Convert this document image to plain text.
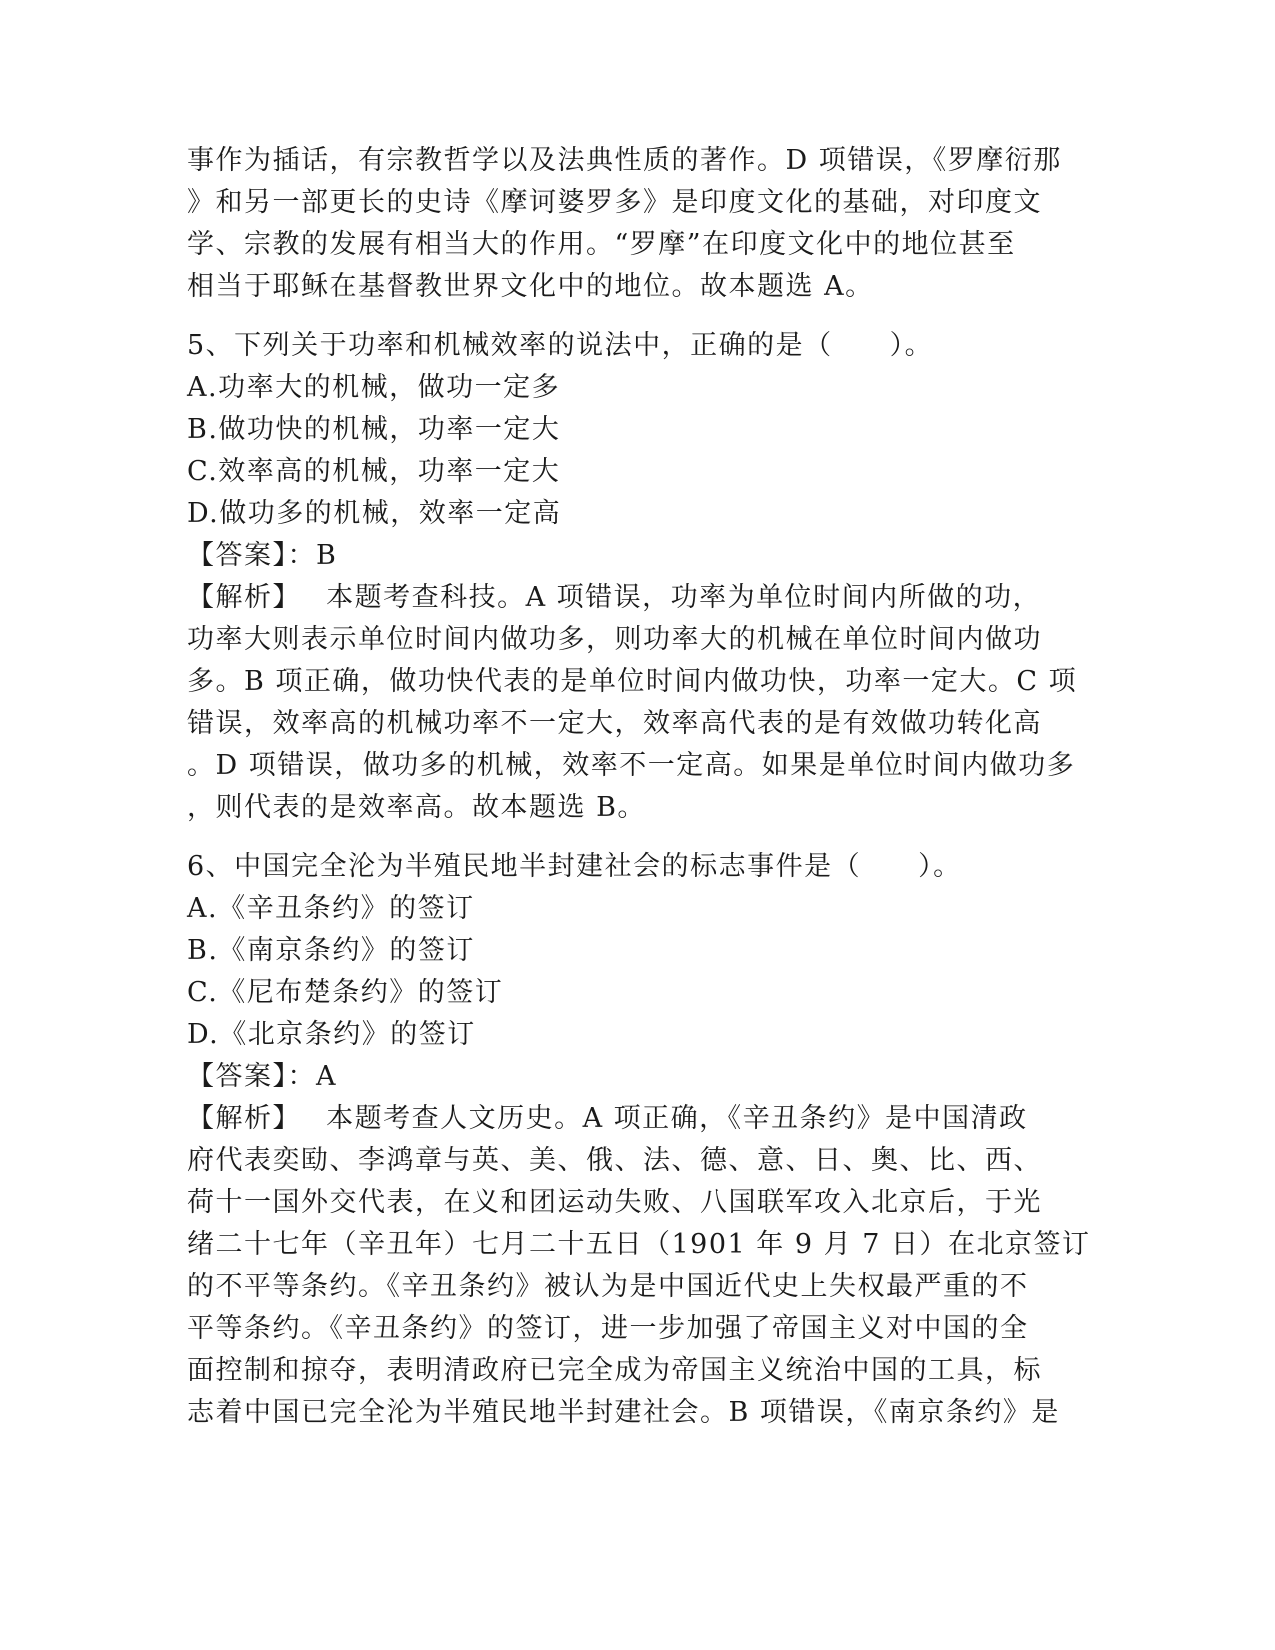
事作为插话，有宗教哲学以及法典性质的著作。D 项错误，《罗摩衍那
》和另一部更长的史诗《摩诃婆罗多》是印度文化的基础，对印度文
学、宗教的发展有相当大的作用。“罗摩”在印度文化中的地位甚至
相当于耶稣在基督教世界文化中的地位。故本题选 A。
5、下列关于功率和机械效率的说法中，正确的是（　　）。
A.功率大的机械，做功一定多
B.做功快的机械，功率一定大
C.效率高的机械，功率一定大
D.做功多的机械，效率一定高
【答案】：B
【解析】　 本题考查科技。A 项错误，功率为单位时间内所做的功，
功率大则表示单位时间内做功多，则功率大的机械在单位时间内做功
多。B 项正确，做功快代表的是单位时间内做功快，功率一定大。C 项
错误，效率高的机械功率不一定大，效率高代表的是有效做功转化高
。D 项错误，做功多的机械，效率不一定高。如果是单位时间内做功多
，则代表的是效率高。故本题选 B。
6、中国完全沦为半殖民地半封建社会的标志事件是（　　）。
A.《辛丑条约》的签订
B.《南京条约》的签订
C.《尼布楚条约》的签订
D.《北京条约》的签订
【答案】：A
【解析】　 本题考查人文历史。A 项正确，《辛丑条约》是中国清政
府代表奕劻、李鸿章与英、美、俄、法、德、意、日、奥、比、西、
荷十一国外交代表，在义和团运动失败、八国联军攻入北京后，于光
绪二十七年（辛丑年）七月二十五日（1901 年 9 月 7 日）在北京签订
的不平等条约。《辛丑条约》被认为是中国近代史上失权最严重的不
平等条约。《辛丑条约》的签订，进一步加强了帝国主义对中国的全
面控制和掠夺，表明清政府已完全成为帝国主义统治中国的工具，标
志着中国已完全沦为半殖民地半封建社会。B 项错误，《南京条约》是
